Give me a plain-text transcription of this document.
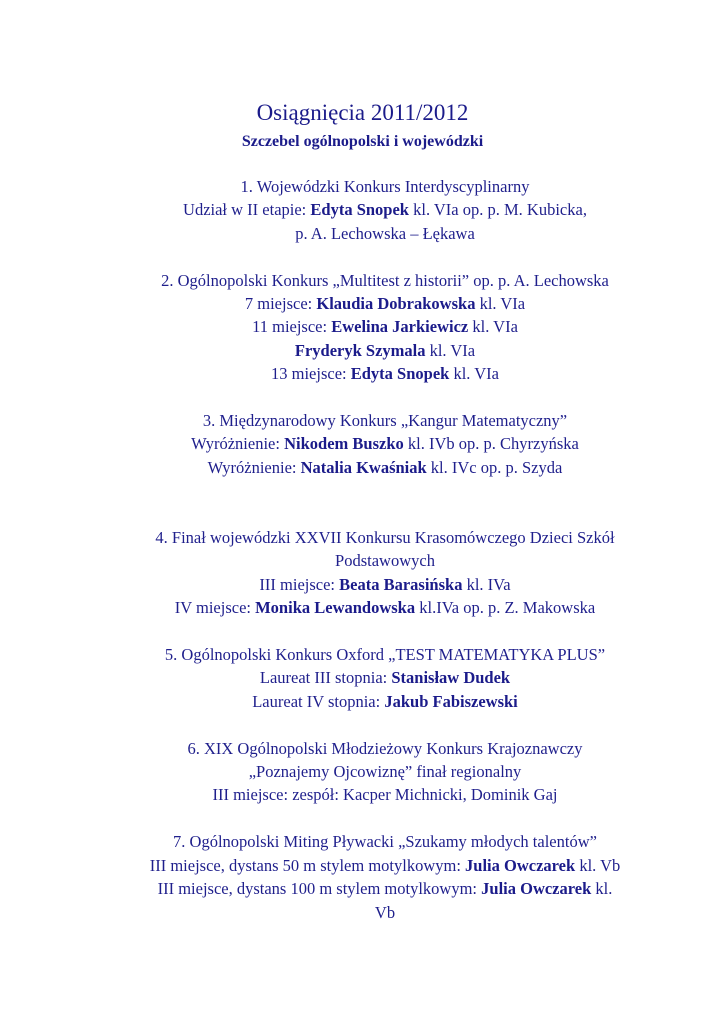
Osiągnięcia 2011/2012
Szczebel ogólnopolski i wojewódzki

1. Wojewódzki Konkurs Interdyscyplinarny

Udział w II etapie: Edyta Snopek kl. VIa op. p. M. Kubicka,

p. A. Lechowska – Łękawa

2. Ogólnopolski Konkurs „Multitest z historii” op. p. A. Lechowska

7 miejsce: Klaudia Dobrakowska kl. VIa

11 miejsce: Ewelina Jarkiewicz kl. VIa

Fryderyk Szymala kl. VIa

13 miejsce: Edyta Snopek kl. VIa

3. Międzynarodowy Konkurs „Kangur Matematyczny”

Wyróżnienie: Nikodem Buszko kl. IVb op. p. Chyrzyńska

Wyróżnienie: Natalia Kwaśniak kl. IVc op. p. Szyda

4. Finał wojewódzki XXVII Konkursu Krasomówczego Dzieci Szkół

Podstawowych

III miejsce: Beata Barasińska kl. IVa

IV miejsce: Monika Lewandowska kl.IVa op. p. Z. Makowska

5. Ogólnopolski Konkurs Oxford „TEST MATEMATYKA PLUS”

Laureat III stopnia: Stanisław Dudek

Laureat IV stopnia: Jakub Fabiszewski

6. XIX Ogólnopolski Młodzieżowy Konkurs Krajoznawczy

„Poznajemy Ojcowiznę” finał regionalny

III miejsce: zespół: Kacper Michnicki, Dominik Gaj

7. Ogólnopolski Miting Pływacki „Szukamy młodych talentów”

III miejsce, dystans 50 m stylem motylkowym: Julia Owczarek kl. Vb

III miejsce, dystans 100 m stylem motylkowym: Julia Owczarek kl.

Vb
